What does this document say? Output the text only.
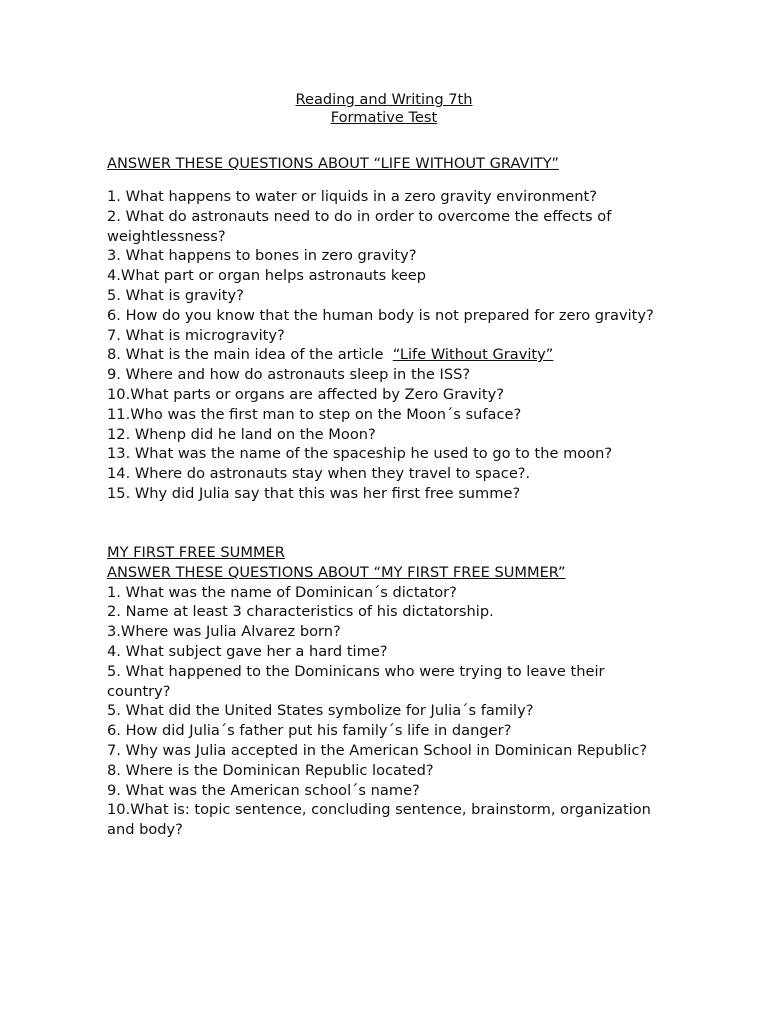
Reading and Writing 7th
Formative Test
ANSWER THESE QUESTIONS ABOUT “LIFE WITHOUT GRAVITY”

1. What happens to water or liquids in a zero gravity environment?

2. What do astronauts need to do in order to overcome the effects of weightlessness?

3. What happens to bones in zero gravity?

4.What part or organ helps astronauts keep

5. What is gravity?

6. How do you know that the human body is not prepared for zero gravity?

7. What is microgravity?

8. What is the main idea of the article “Life Without Gravity”

9. Where and how do astronauts sleep in the ISS?

10.What parts or organs are affected by Zero Gravity?

11.Who was the first man to step on the Moon´s suface?

12. Whenp did he land on the Moon?

13. What was the name of the spaceship he used to go to the moon?

14. Where do astronauts stay when they travel to space?.

15. Why did Julia say that this was her first free summe?

MY FIRST FREE SUMMER
ANSWER THESE QUESTIONS ABOUT “MY FIRST FREE SUMMER”

1. What was the name of Dominican´s dictator?

2. Name at least 3 characteristics of his dictatorship.

3.Where was Julia Alvarez born?

4. What subject gave her a hard time?

5. What happened to the Dominicans who were trying to leave their country?

5. What did the United States symbolize for Julia´s family?

6. How did Julia´s father put his family´s life in danger?

7. Why was Julia accepted in the American School in Dominican Republic?

8. Where is the Dominican Republic located?

9. What was the American school´s name?

10.What is: topic sentence, concluding sentence, brainstorm, organization and body?
